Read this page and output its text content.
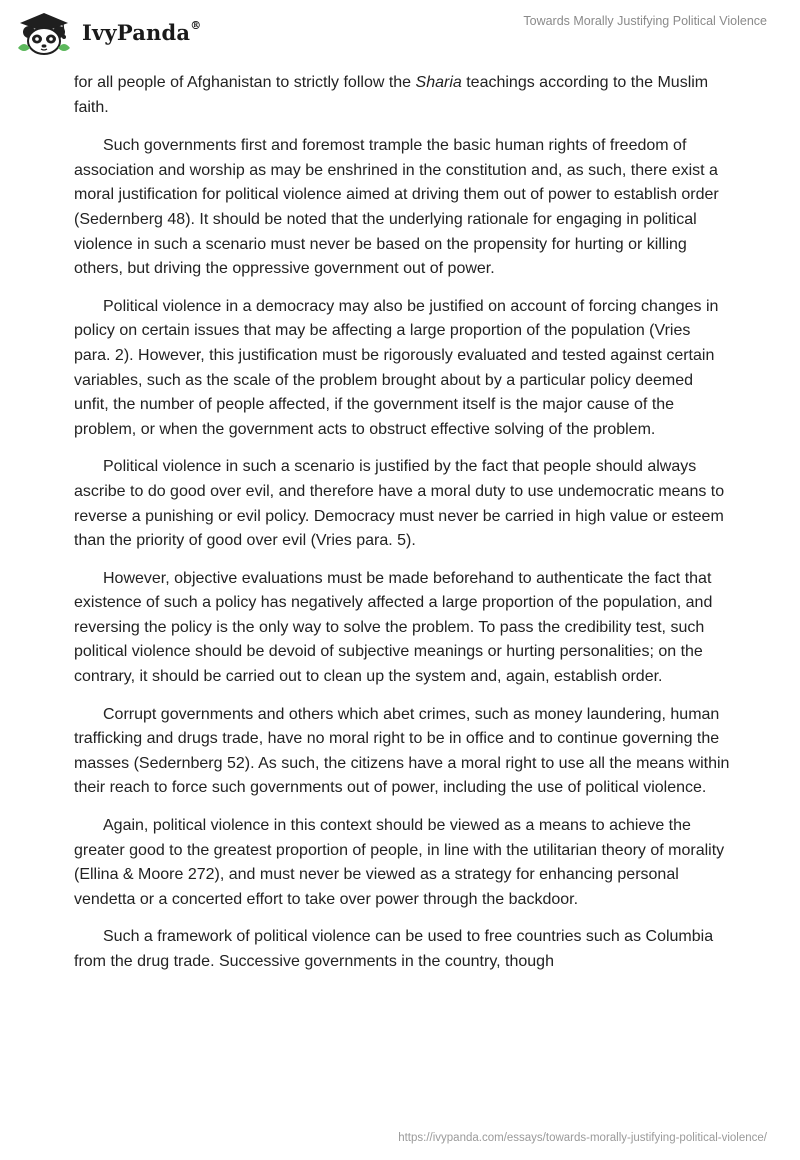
IvyPanda®	Towards Morally Justifying Political Violence

for all people of Afghanistan to strictly follow the Sharia teachings according to the Muslim faith.

Such governments first and foremost trample the basic human rights of freedom of association and worship as may be enshrined in the constitution and, as such, there exist a moral justification for political violence aimed at driving them out of power to establish order (Sedernberg 48). It should be noted that the underlying rationale for engaging in political violence in such a scenario must never be based on the propensity for hurting or killing others, but driving the oppressive government out of power.

Political violence in a democracy may also be justified on account of forcing changes in policy on certain issues that may be affecting a large proportion of the population (Vries para. 2). However, this justification must be rigorously evaluated and tested against certain variables, such as the scale of the problem brought about by a particular policy deemed unfit, the number of people affected, if the government itself is the major cause of the problem, or when the government acts to obstruct effective solving of the problem.

Political violence in such a scenario is justified by the fact that people should always ascribe to do good over evil, and therefore have a moral duty to use undemocratic means to reverse a punishing or evil policy. Democracy must never be carried in high value or esteem than the priority of good over evil (Vries para. 5).

However, objective evaluations must be made beforehand to authenticate the fact that existence of such a policy has negatively affected a large proportion of the population, and reversing the policy is the only way to solve the problem. To pass the credibility test, such political violence should be devoid of subjective meanings or hurting personalities; on the contrary, it should be carried out to clean up the system and, again, establish order.

Corrupt governments and others which abet crimes, such as money laundering, human trafficking and drugs trade, have no moral right to be in office and to continue governing the masses (Sedernberg 52). As such, the citizens have a moral right to use all the means within their reach to force such governments out of power, including the use of political violence.

Again, political violence in this context should be viewed as a means to achieve the greater good to the greatest proportion of people, in line with the utilitarian theory of morality (Ellina & Moore 272), and must never be viewed as a strategy for enhancing personal vendetta or a concerted effort to take over power through the backdoor.

Such a framework of political violence can be used to free countries such as Columbia from the drug trade. Successive governments in the country, though

https://ivypanda.com/essays/towards-morally-justifying-political-violence/
